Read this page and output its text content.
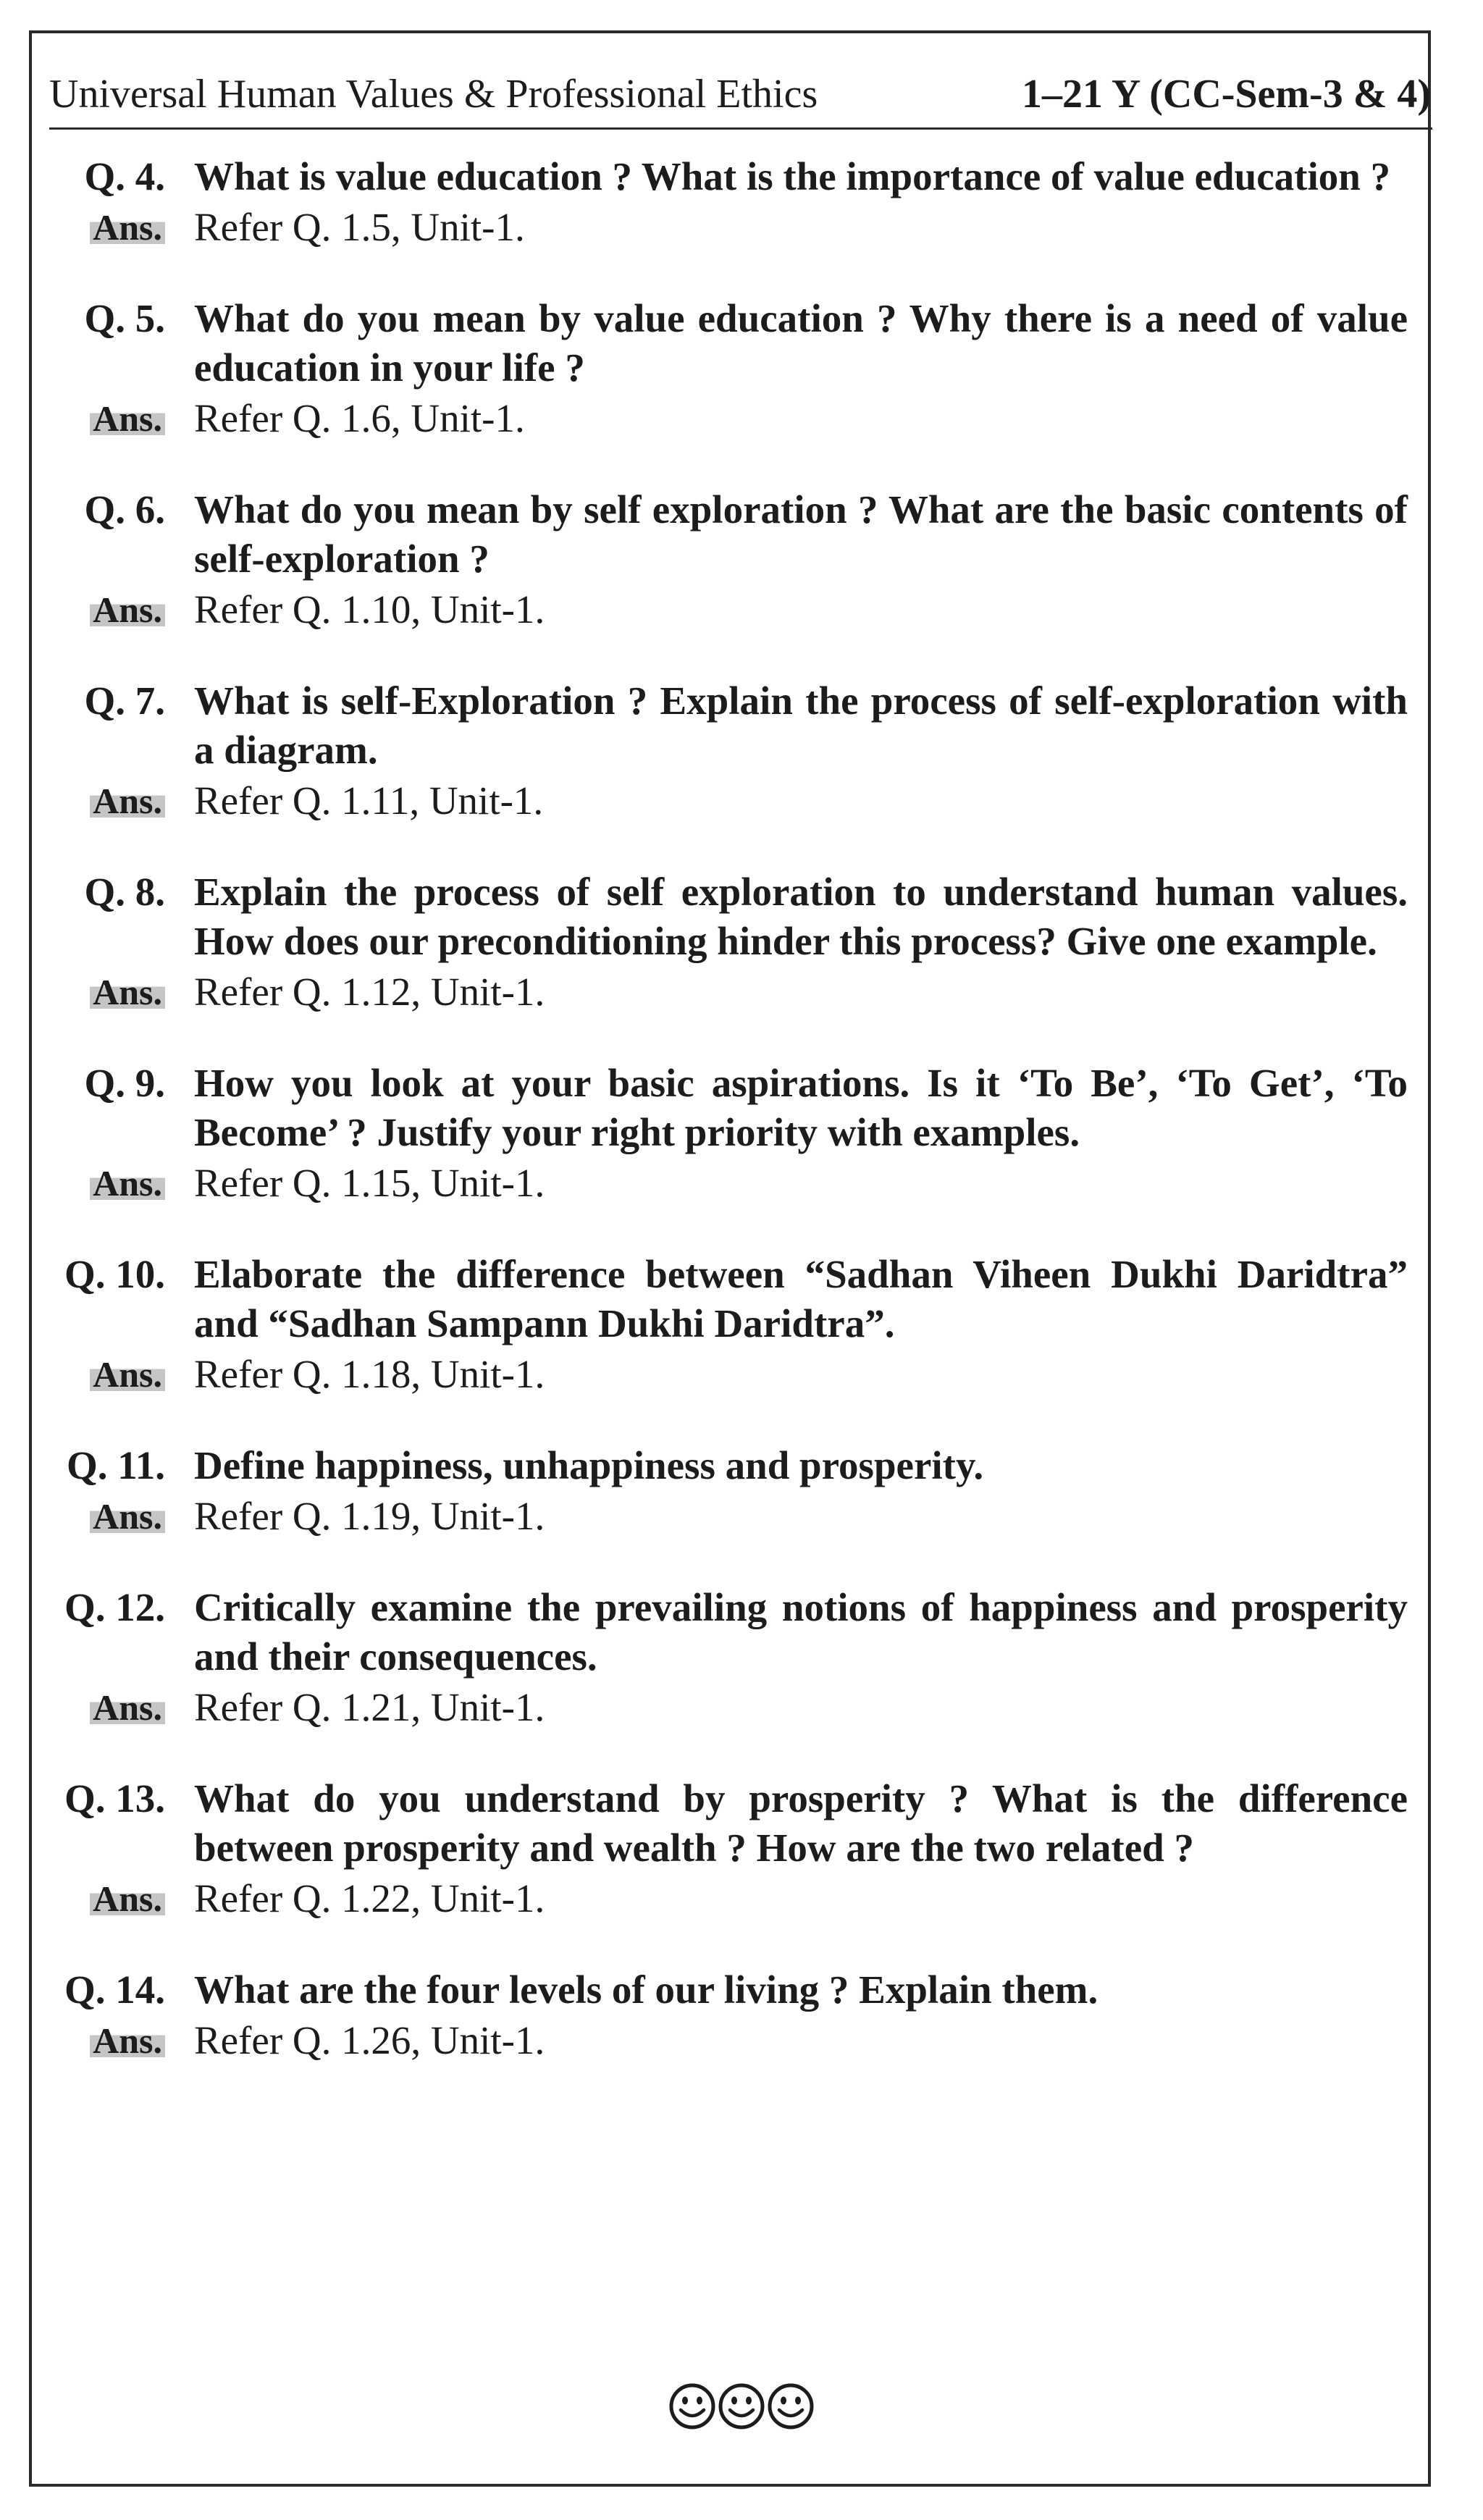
Universal Human Values & Professional Ethics	1–21 Y (CC-Sem-3 & 4)
Q. 4. What is value education ? What is the importance of value education ?
Ans. Refer Q. 1.5, Unit-1.
Q. 5. What do you mean by value education ? Why there is a need of value education in your life ?
Ans. Refer Q. 1.6, Unit-1.
Q. 6. What do you mean by self exploration ? What are the basic contents of self-exploration ?
Ans. Refer Q. 1.10, Unit-1.
Q. 7. What is self-Exploration ? Explain the process of self-exploration with a diagram.
Ans. Refer Q. 1.11, Unit-1.
Q. 8. Explain the process of self exploration to understand human values. How does our preconditioning hinder this process? Give one example.
Ans. Refer Q. 1.12, Unit-1.
Q. 9. How you look at your basic aspirations. Is it ‘To Be’, ‘To Get’, ‘To Become’ ? Justify your right priority with examples.
Ans. Refer Q. 1.15, Unit-1.
Q. 10. Elaborate the difference between “Sadhan Viheen Dukhi Daridtra” and “Sadhan Sampann Dukhi Daridtra”.
Ans. Refer Q. 1.18, Unit-1.
Q. 11. Define happiness, unhappiness and prosperity.
Ans. Refer Q. 1.19, Unit-1.
Q. 12. Critically examine the prevailing notions of happiness and prosperity and their consequences.
Ans. Refer Q. 1.21, Unit-1.
Q. 13. What do you understand by prosperity ? What is the difference between prosperity and wealth ? How are the two related ?
Ans. Refer Q. 1.22, Unit-1.
Q. 14. What are the four levels of our living ? Explain them.
Ans. Refer Q. 1.26, Unit-1.
